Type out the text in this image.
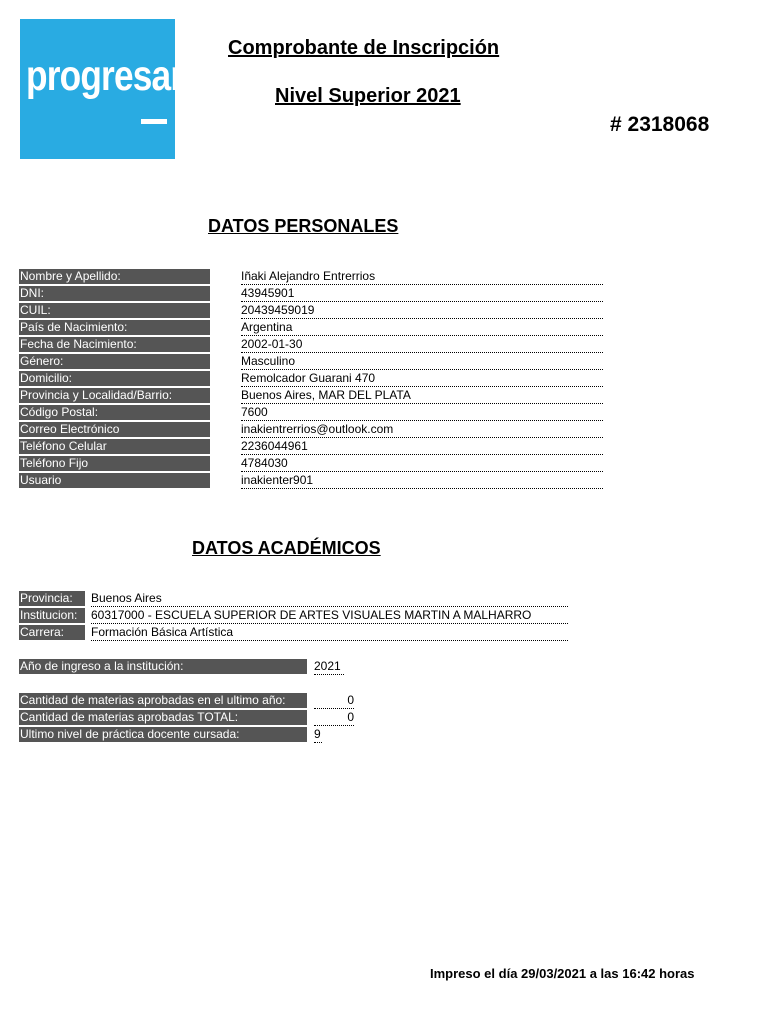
progresar
Comprobante de Inscripción
Nivel Superior 2021
# 2318068
DATOS PERSONALES
Nombre y Apellido:	Iñaki Alejandro Entrerrios
DNI:	43945901
CUIL:	20439459019
País de Nacimiento:	Argentina
Fecha de Nacimiento:	2002-01-30
Género:	Masculino
Domicilio:	Remolcador Guarani 470
Provincia y Localidad/Barrio:	Buenos Aires, MAR DEL PLATA
Código Postal:	7600
Correo Electrónico	inakientrerrios@outlook.com
Teléfono Celular	2236044961
Teléfono Fijo	4784030
Usuario	inakienter901
DATOS ACADÉMICOS
Provincia:	Buenos Aires
Institucion:	60317000 - ESCUELA SUPERIOR DE ARTES VISUALES MARTIN A MALHARRO
Carrera:	Formación Básica Artística
Año de ingreso a la institución:	2021
Cantidad de materias aprobadas en el ultimo año:	0
Cantidad de materias aprobadas TOTAL:	0
Ultimo nivel de práctica docente cursada:	9
Impreso el día 29/03/2021 a las 16:42 horas
